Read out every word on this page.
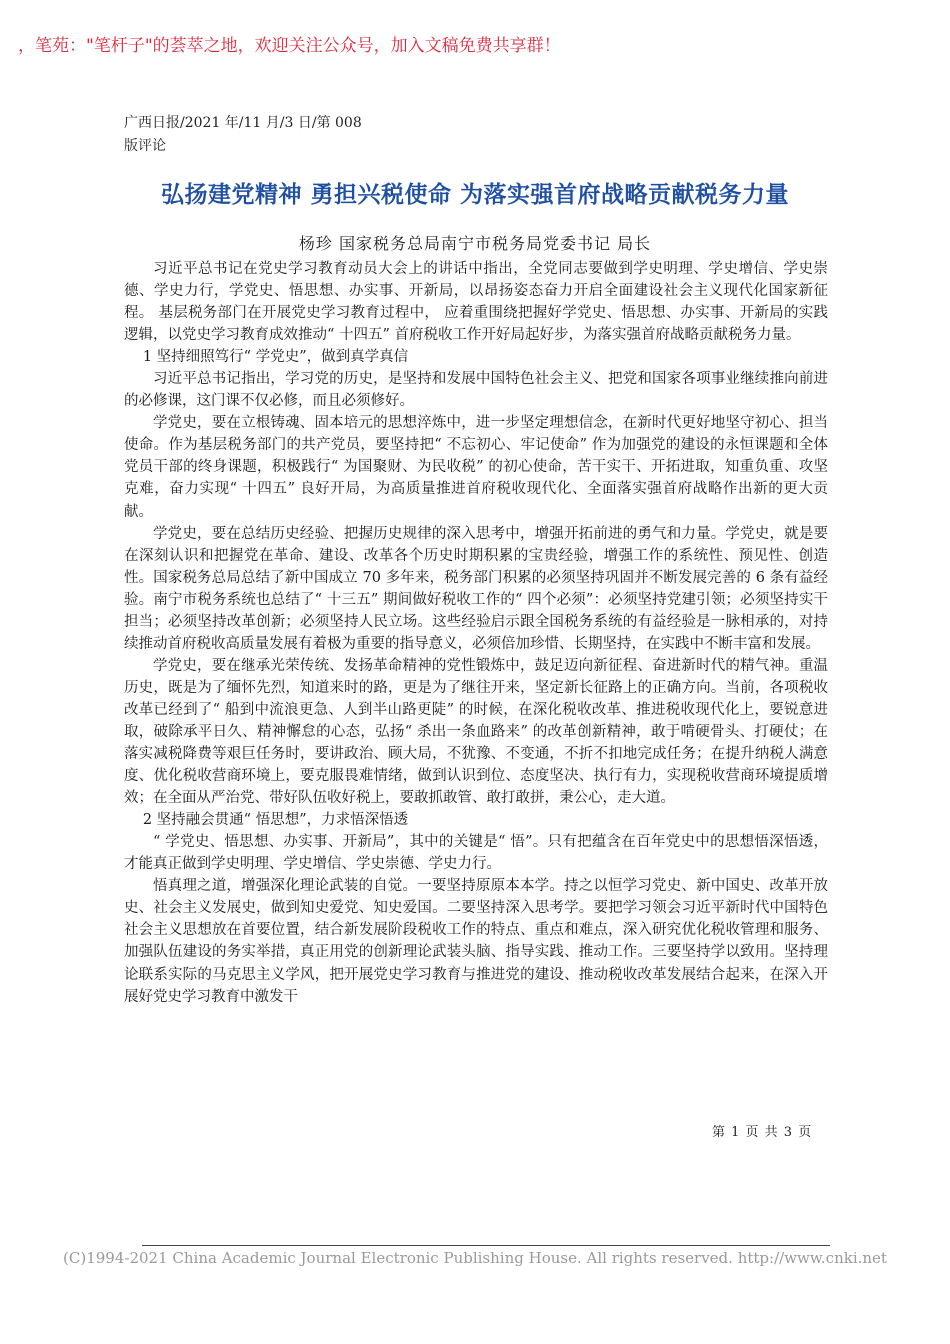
，笔苑："笔杆子"的荟萃之地，欢迎关注公众号，加入文稿免费共享群！
广西日报/2021 年/11 月/3 日/第 008
版评论
弘扬建党精神 勇担兴税使命 为落实强首府战略贡献税务力量
杨珍 国家税务总局南宁市税务局党委书记 局长

习近平总书记在党史学习教育动员大会上的讲话中指出，全党同志要做到学史明理、学史增信、学史崇德、学史力行，学党史、悟思想、办实事、开新局，以昂扬姿态奋力开启全面建设社会主义现代化国家新征程。 基层税务部门在开展党史学习教育过程中， 应着重围绕把握好学党史、悟思想、办实事、开新局的实践逻辑，以党史学习教育成效推动“ 十四五” 首府税收工作开好局起好步，为落实强首府战略贡献税务力量。

1 坚持细照笃行“ 学党史”，做到真学真信

习近平总书记指出，学习党的历史，是坚持和发展中国特色社会主义、把党和国家各项事业继续推向前进的必修课，这门课不仅必修，而且必须修好。

学党史，要在立根铸魂、固本培元的思想淬炼中，进一步坚定理想信念，在新时代更好地坚守初心、担当使命。作为基层税务部门的共产党员，要坚持把“ 不忘初心、牢记使命” 作为加强党的建设的永恒课题和全体党员干部的终身课题，积极践行“ 为国聚财、为民收税” 的初心使命，苦干实干、开拓进取，知重负重、攻坚克难，奋力实现“ 十四五” 良好开局，为高质量推进首府税收现代化、全面落实强首府战略作出新的更大贡献。

学党史，要在总结历史经验、把握历史规律的深入思考中，增强开拓前进的勇气和力量。学党史，就是要在深刻认识和把握党在革命、建设、改革各个历史时期积累的宝贵经验，增强工作的系统性、预见性、创造性。国家税务总局总结了新中国成立 70 多年来，税务部门积累的必须坚持巩固并不断发展完善的 6 条有益经验。南宁市税务系统也总结了“ 十三五” 期间做好税收工作的“ 四个必须”：必须坚持党建引领；必须坚持实干担当；必须坚持改革创新；必须坚持人民立场。这些经验启示跟全国税务系统的有益经验是一脉相承的，对持续推动首府税收高质量发展有着极为重要的指导意义，必须倍加珍惜、长期坚持，在实践中不断丰富和发展。

学党史，要在继承光荣传统、发扬革命精神的党性锻炼中，鼓足迈向新征程、奋进新时代的精气神。重温历史，既是为了缅怀先烈，知道来时的路，更是为了继往开来，坚定新长征路上的正确方向。当前，各项税收改革已经到了“ 船到中流浪更急、人到半山路更陡” 的时候，在深化税收改革、推进税收现代化上，要锐意进取，破除承平日久、精神懈怠的心态，弘扬“ 杀出一条血路来” 的改革创新精神，敢于啃硬骨头、打硬仗；在落实减税降费等艰巨任务时，要讲政治、顾大局，不犹豫、不变通，不折不扣地完成任务；在提升纳税人满意度、优化税收营商环境上，要克服畏难情绪，做到认识到位、态度坚决、执行有力，实现税收营商环境提质增效；在全面从严治党、带好队伍收好税上，要敢抓敢管、敢打敢拼，秉公心，走大道。

2 坚持融会贯通“ 悟思想”，力求悟深悟透

“ 学党史、悟思想、办实事、开新局”，其中的关键是“ 悟”。只有把蕴含在百年党史中的思想悟深悟透，才能真正做到学史明理、学史增信、学史崇德、学史力行。

悟真理之道，增强深化理论武装的自觉。一要坚持原原本本学。持之以恒学习党史、新中国史、改革开放史、社会主义发展史，做到知史爱党、知史爱国。二要坚持深入思考学。要把学习领会习近平新时代中国特色社会主义思想放在首要位置，结合新发展阶段税收工作的特点、重点和难点，深入研究优化税收管理和服务、加强队伍建设的务实举措，真正用党的创新理论武装头脑、指导实践、推动工作。三要坚持学以致用。坚持理论联系实际的马克思主义学风，把开展党史学习教育与推进党的建设、推动税收改革发展结合起来，在深入开展好党史学习教育中激发干

第 1 页 共 3 页
(C)1994-2021 China Academic Journal Electronic Publishing House. All rights reserved. http://www.cnki.net
